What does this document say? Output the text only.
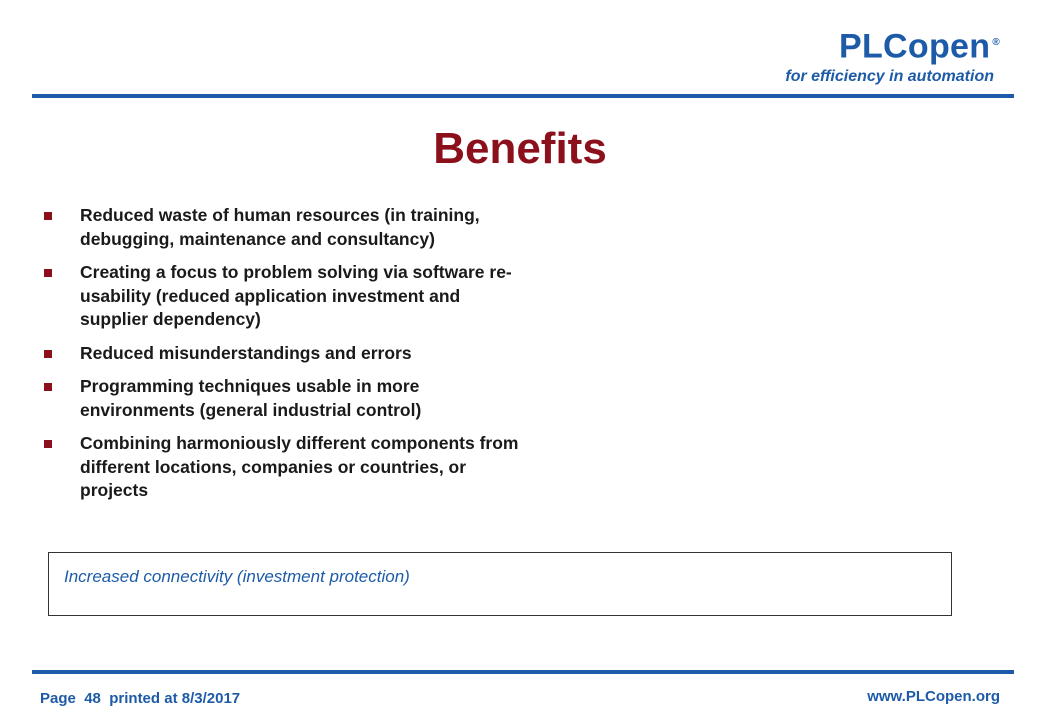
PLCopen ®
for efficiency in automation
Benefits
Reduced waste of human resources (in training, debugging, maintenance and consultancy)
Creating a focus to problem solving via software re-usability (reduced application investment and supplier dependency)
Reduced misunderstandings and errors
Programming techniques usable in more environments (general industrial control)
Combining harmoniously different components from different locations, companies or countries, or projects
Increased connectivity (investment protection)
Page 48 printed at 8/3/2017	www.PLCopen.org
